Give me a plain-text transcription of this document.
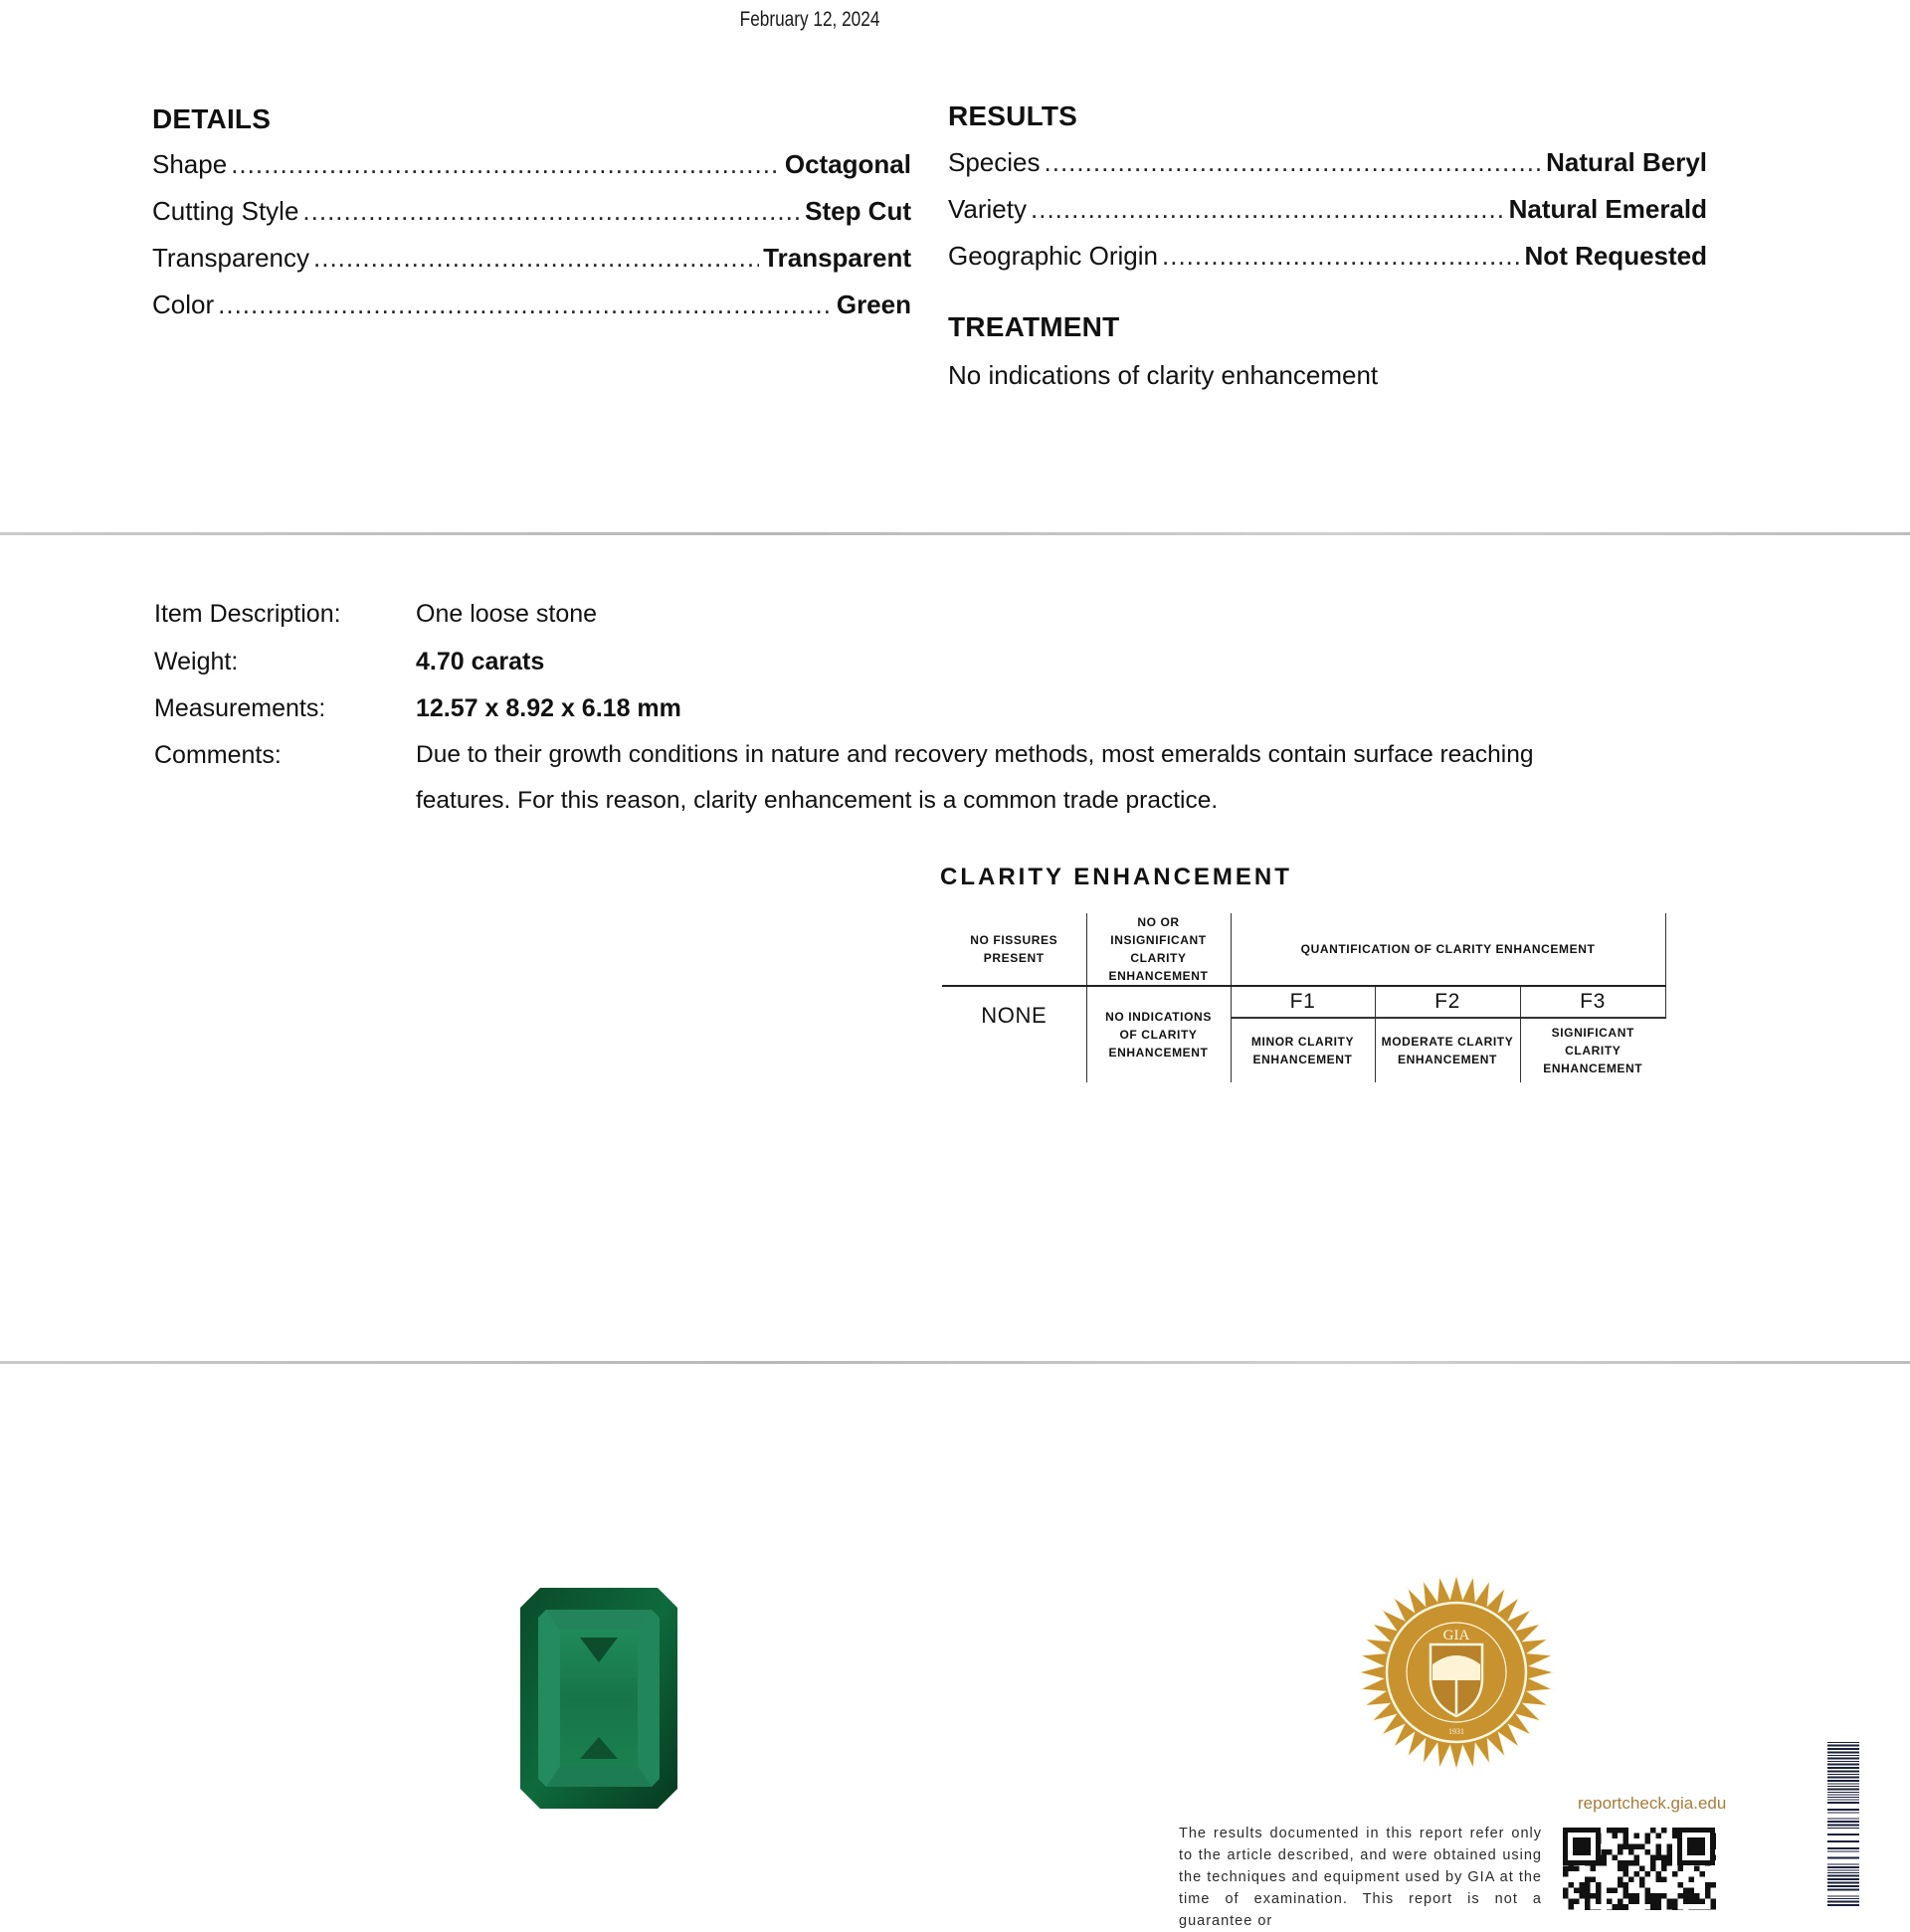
February 12, 2024
DETAILS
Shape .....	Octagonal
Cutting Style .....	Step Cut
Transparency .....	Transparent
Color .....	Green
RESULTS
Species .....	Natural Beryl
Variety .....	Natural Emerald
Geographic Origin .....	Not Requested
TREATMENT
No indications of clarity enhancement
Item Description:	One loose stone
Weight:	4.70 carats
Measurements:	12.57 x 8.92 x 6.18 mm
Comments:	Due to their growth conditions in nature and recovery methods, most emeralds contain surface reaching
features. For this reason, clarity enhancement is a common trade practice.
CLARITY ENHANCEMENT
NO FISSURES PRESENT	NO OR INSIGNIFICANT CLARITY ENHANCEMENT	QUANTIFICATION OF CLARITY ENHANCEMENT		
NONE	NO INDICATIONS OF CLARITY ENHANCEMENT	F1	F2	F3
		MINOR CLARITY ENHANCEMENT	MODERATE CLARITY ENHANCEMENT	SIGNIFICANT CLARITY ENHANCEMENT
GIA
1931
reportcheck.gia.edu
The results documented in this report refer only to the article described, and were obtained using the techniques and equipment used by GIA at the time of examination. This report is not a guarantee or
